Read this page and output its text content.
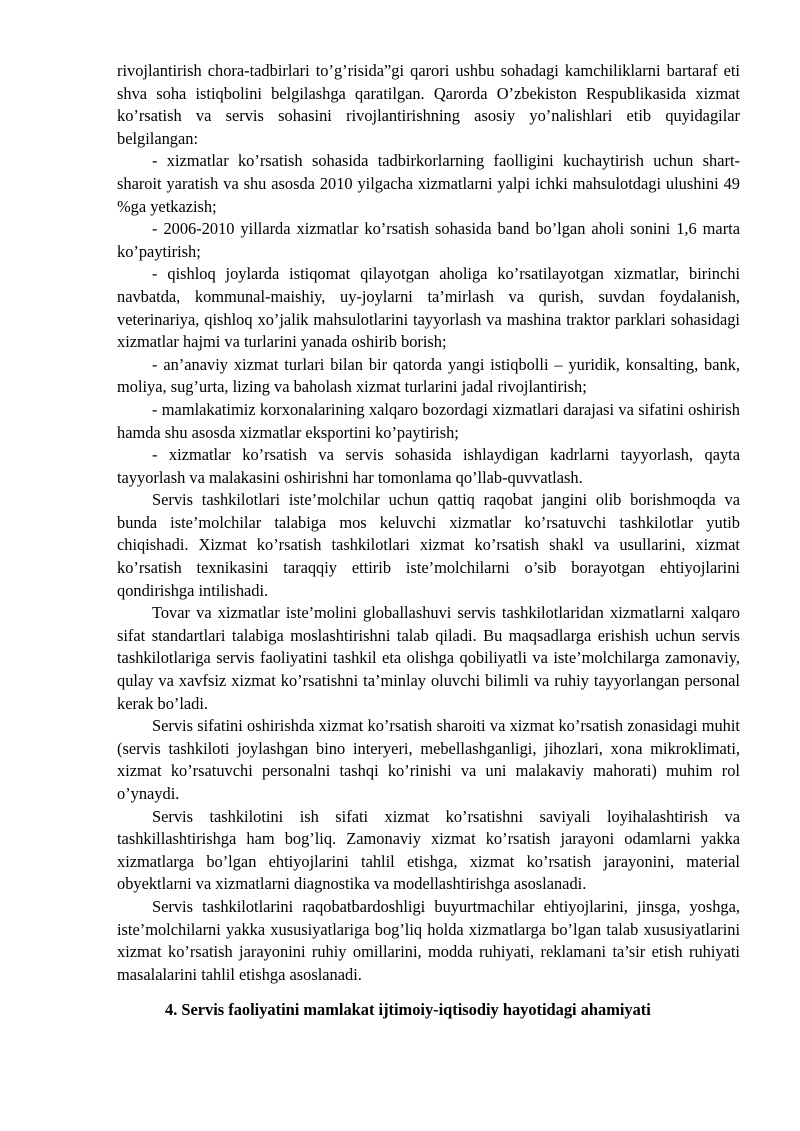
rivojlantirish chora-tadbirlari to’g’risida”gi qarori ushbu sohadagi kamchiliklarni bartaraf eti shva soha istiqbolini belgilashga qaratilgan. Qarorda O’zbekiston Respublikasida xizmat ko’rsatish va servis sohasini rivojlantirishning asosiy yo’nalishlari etib quyidagilar belgilangan:

- xizmatlar ko’rsatish sohasida tadbirkorlarning faolligini kuchaytirish uchun shart-sharoit yaratish va shu asosda 2010 yilgacha xizmatlarni yalpi ichki mahsulotdagi ulushini 49 %ga yetkazish;

- 2006-2010 yillarda xizmatlar ko’rsatish sohasida band bo’lgan aholi sonini 1,6 marta ko’paytirish;

- qishloq joylarda istiqomat qilayotgan aholiga ko’rsatilayotgan xizmatlar, birinchi navbatda, kommunal-maishiy, uy-joylarni ta’mirlash va qurish, suvdan foydalanish, veterinariya, qishloq xo’jalik mahsulotlarini tayyorlash va mashina traktor parklari sohasidagi xizmatlar hajmi va turlarini yanada oshirib borish;

- an’anaviy xizmat turlari bilan bir qatorda yangi istiqbolli – yuridik, konsalting, bank, moliya, sug’urta, lizing va baholash xizmat turlarini jadal rivojlantirish;

- mamlakatimiz korxonalarining xalqaro bozordagi xizmatlari darajasi va sifatini oshirish hamda shu asosda xizmatlar eksportini ko’paytirish;

- xizmatlar ko’rsatish va servis sohasida ishlaydigan kadrlarni tayyorlash, qayta tayyorlash va malakasini oshirishni har tomonlama qo’llab-quvvatlash.

Servis tashkilotlari iste’molchilar uchun qattiq raqobat jangini olib borishmoqda va bunda iste’molchilar talabiga mos keluvchi xizmatlar ko’rsatuvchi tashkilotlar yutib chiqishadi. Xizmat ko’rsatish tashkilotlari xizmat ko’rsatish shakl va usullarini, xizmat ko’rsatish texnikasini taraqqiy ettirib iste’molchilarni o’sib borayotgan ehtiyojlarini qondirishga intilishadi.

Tovar va xizmatlar iste’molini globallashuvi servis tashkilotlaridan xizmatlarni xalqaro sifat standartlari talabiga moslashtirishni talab qiladi. Bu maqsadlarga erishish uchun servis tashkilotlariga servis faoliyatini tashkil eta olishga qobiliyatli va iste’molchilarga zamonaviy, qulay va xavfsiz xizmat ko’rsatishni ta’minlay oluvchi bilimli va ruhiy tayyorlangan personal kerak bo’ladi.

Servis sifatini oshirishda xizmat ko’rsatish sharoiti va xizmat ko’rsatish zonasidagi muhit (servis tashkiloti joylashgan bino interyeri, mebellashganligi, jihozlari, xona mikroklimati, xizmat ko’rsatuvchi personalni tashqi ko’rinishi va uni malakaviy mahorati) muhim rol o’ynaydi.

Servis tashkilotini ish sifati xizmat ko’rsatishni saviyali loyihalashtirish va tashkillashtirishga ham bog’liq. Zamonaviy xizmat ko’rsatish jarayoni odamlarni yakka xizmatlarga bo’lgan ehtiyojlarini tahlil etishga, xizmat ko’rsatish jarayonini, material obyektlarni va xizmatlarni diagnostika va modellashtirishga asoslanadi.

Servis tashkilotlarini raqobatbardoshligi buyurtmachilar ehtiyojlarini, jinsga, yoshga, iste’molchilarni yakka xususiyatlariga bog’liq holda xizmatlarga bo’lgan talab xususiyatlarini xizmat ko’rsatish jarayonini ruhiy omillarini, modda ruhiyati, reklamani ta’sir etish ruhiyati masalalarini tahlil etishga asoslanadi.

4. Servis faoliyatini mamlakat ijtimoiy-iqtisodiy hayotidagi ahamiyati
